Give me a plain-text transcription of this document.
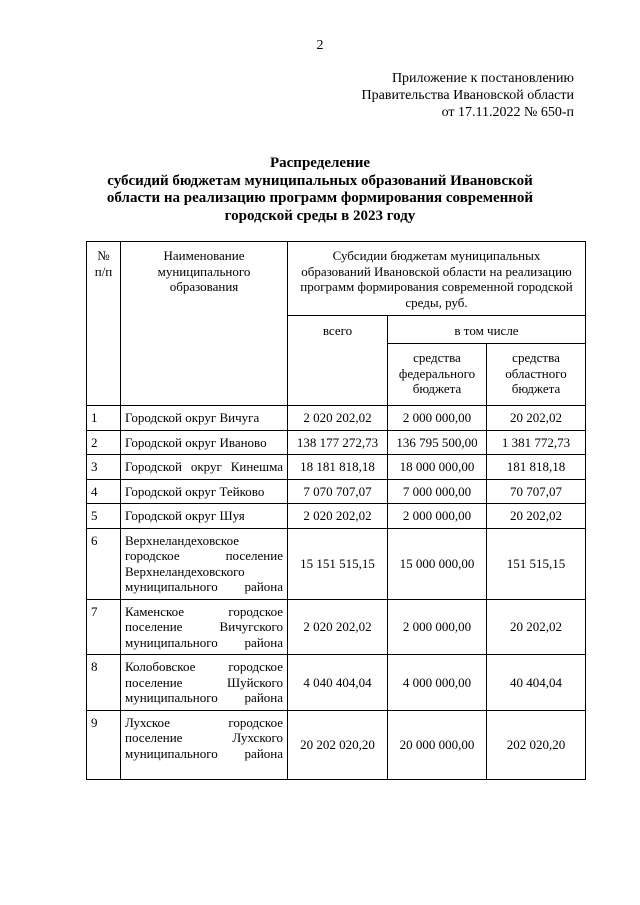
2
Приложение к постановлению
Правительства Ивановской области
от 17.11.2022 № 650-п
Распределение
субсидий бюджетам муниципальных образований Ивановской
области на реализацию программ формирования современной
городской среды в 2023 году
№ п/п	Наименование муниципального образования	Субсидии бюджетам муниципальных образований Ивановской области на реализацию программ формирования современной городской среды, руб.		
		всего	в том числе	
			средства федерального бюджета	средства областного бюджета
1	Городской округ Вичуга	2 020 202,02	2 000 000,00	20 202,02
2	Городской округ Иваново	138 177 272,73	136 795 500,00	1 381 772,73
3	Городской округ Кинешма	18 181 818,18	18 000 000,00	181 818,18
4	Городской округ Тейково	7 070 707,07	7 000 000,00	70 707,07
5	Городской округ Шуя	2 020 202,02	2 000 000,00	20 202,02
6	Верхнеландеховское городское поселение Верхнеландеховского муниципального района	15 151 515,15	15 000 000,00	151 515,15
7	Каменское городское поселение Вичугского муниципального района	2 020 202,02	2 000 000,00	20 202,02
8	Колобовское городское поселение Шуйского муниципального района	4 040 404,04	4 000 000,00	40 404,04
9	Лухское городское поселение Лухского муниципального района	20 202 020,20	20 000 000,00	202 020,20
